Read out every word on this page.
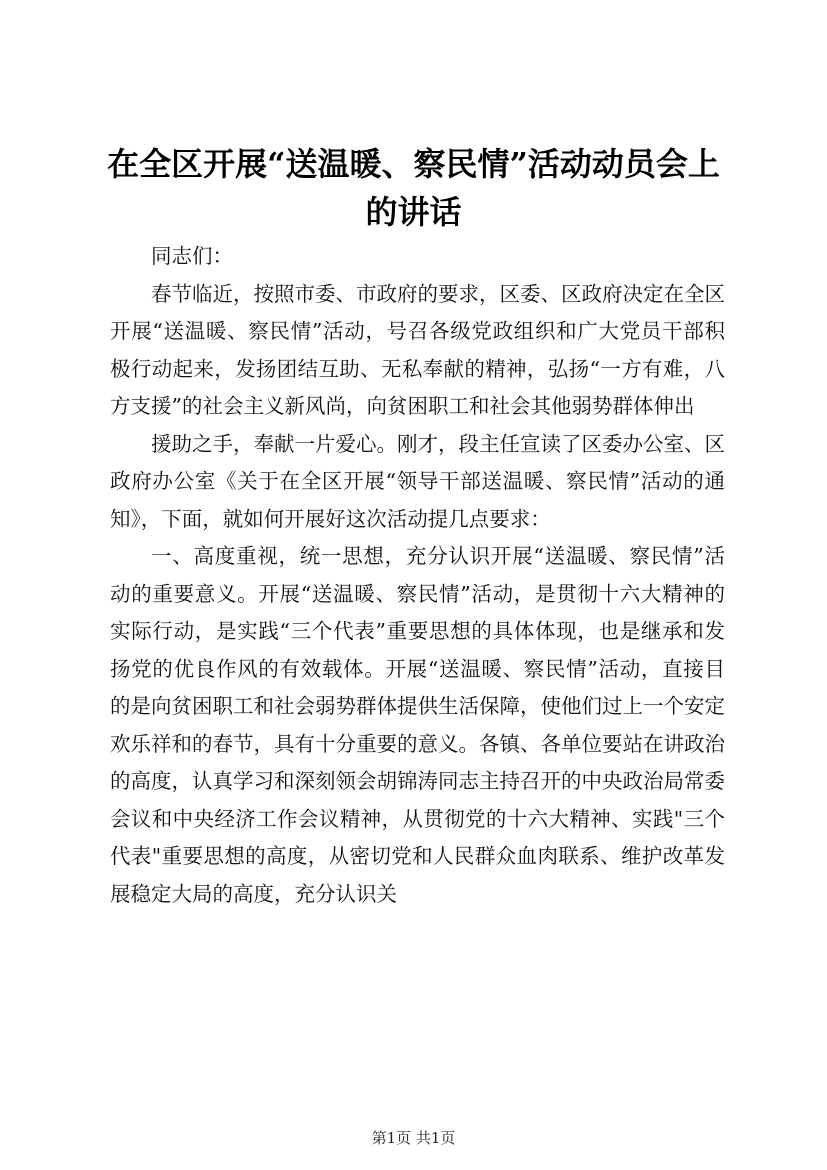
在全区开展“送温暖、察民情”活动动员会上的讲话

同志们：

春节临近，按照市委、市政府的要求，区委、区政府决定在全区开展“送温暖、察民情”活动，号召各级党政组织和广大党员干部积极行动起来，发扬团结互助、无私奉献的精神，弘扬“一方有难，八方支援”的社会主义新风尚，向贫困职工和社会其他弱势群体伸出

援助之手，奉献一片爱心。刚才，段主任宣读了区委办公室、区政府办公室《关于在全区开展“领导干部送温暖、察民情”活动的通知》，下面，就如何开展好这次活动提几点要求：

一、高度重视，统一思想，充分认识开展“送温暖、察民情”活动的重要意义。开展“送温暖、察民情”活动，是贯彻十六大精神的实际行动，是实践“三个代表”重要思想的具体体现，也是继承和发扬党的优良作风的有效载体。开展“送温暖、察民情”活动，直接目的是向贫困职工和社会弱势群体提供生活保障，使他们过上一个安定欢乐祥和的春节，具有十分重要的意义。各镇、各单位要站在讲政治的高度，认真学习和深刻领会胡锦涛同志主持召开的中央政治局常委会议和中央经济工作会议精神，从贯彻党的十六大精神、实践"三个代表"重要思想的高度，从密切党和人民群众血肉联系、维护改革发展稳定大局的高度，充分认识关

第1页 共1页
